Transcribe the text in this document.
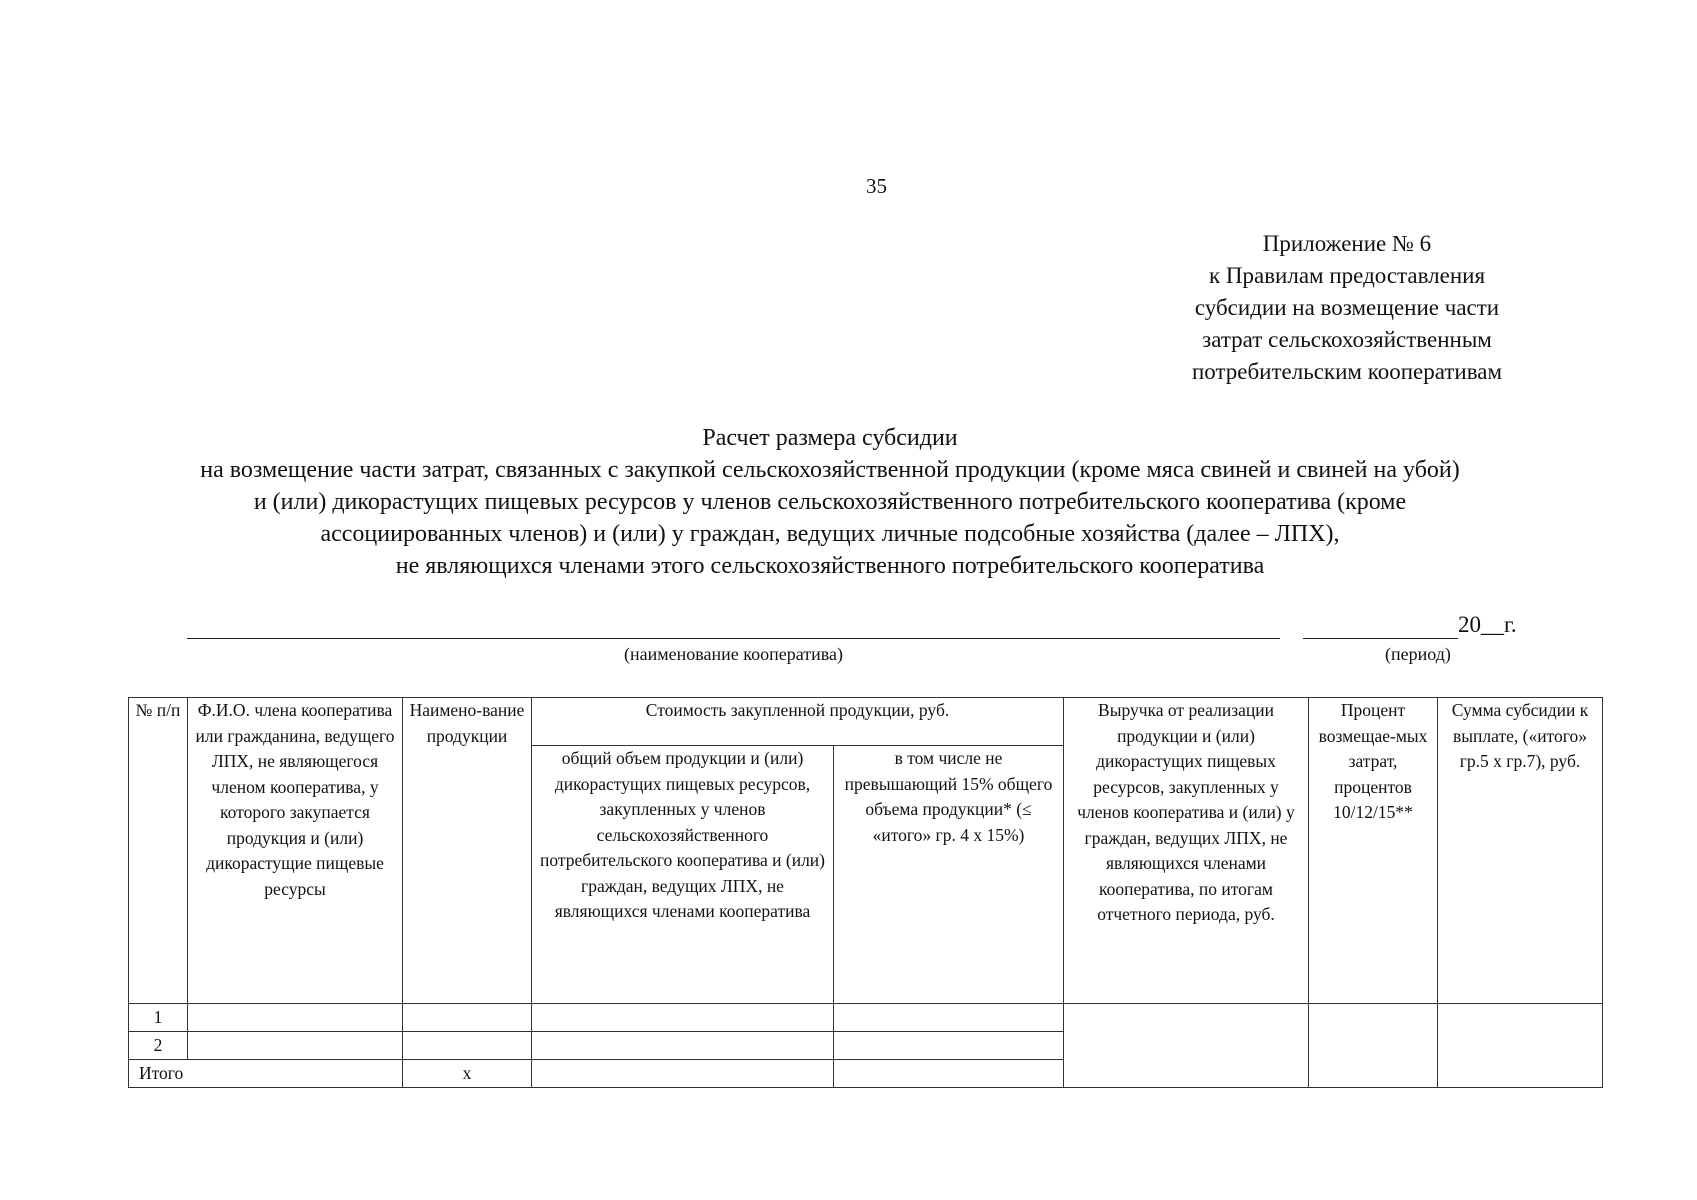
35
Приложение № 6
к Правилам предоставления
субсидии на возмещение части
затрат сельскохозяйственным
потребительским кооперативам
Расчет размера субсидии
на возмещение части затрат, связанных с закупкой сельскохозяйственной продукции (кроме мяса свиней и свиней на убой)
и (или) дикорастущих пищевых ресурсов у членов сельскохозяйственного потребительского кооператива (кроме
ассоциированных членов) и (или) у граждан, ведущих личные подсобные хозяйства (далее – ЛПХ),
не являющихся членами этого сельскохозяйственного потребительского кооператива
(наименование кооператива)
20__г.
(период)
№ п/п	Ф.И.О. члена кооператива или гражданина, ведущего ЛПХ, не являющегося членом кооператива, у которого закупается продукция и (или) дикорастущие пищевые ресурсы	Наимено-вание продукции	Стоимость закупленной продукции, руб.		Выручка от реализации продукции и (или) дикорастущих пищевых ресурсов, закупленных у членов кооператива и (или) у граждан, ведущих ЛПХ, не являющихся членами кооператива, по итогам отчетного периода, руб.	Процент возмещае-мых затрат, процентов 10/12/15**	Сумма субсидии к выплате, («итого» гр.5 х гр.7), руб.
			общий объем продукции и (или) дикорастущих пищевых ресурсов, закупленных у членов сельскохозяйственного потребительского кооператива и (или) граждан, ведущих ЛПХ, не являющихся членами кооператива	в том числе не превышающий 15% общего объема продукции* (≤ «итого» гр. 4 х 15%)			
1							
2							
Итого		х					
